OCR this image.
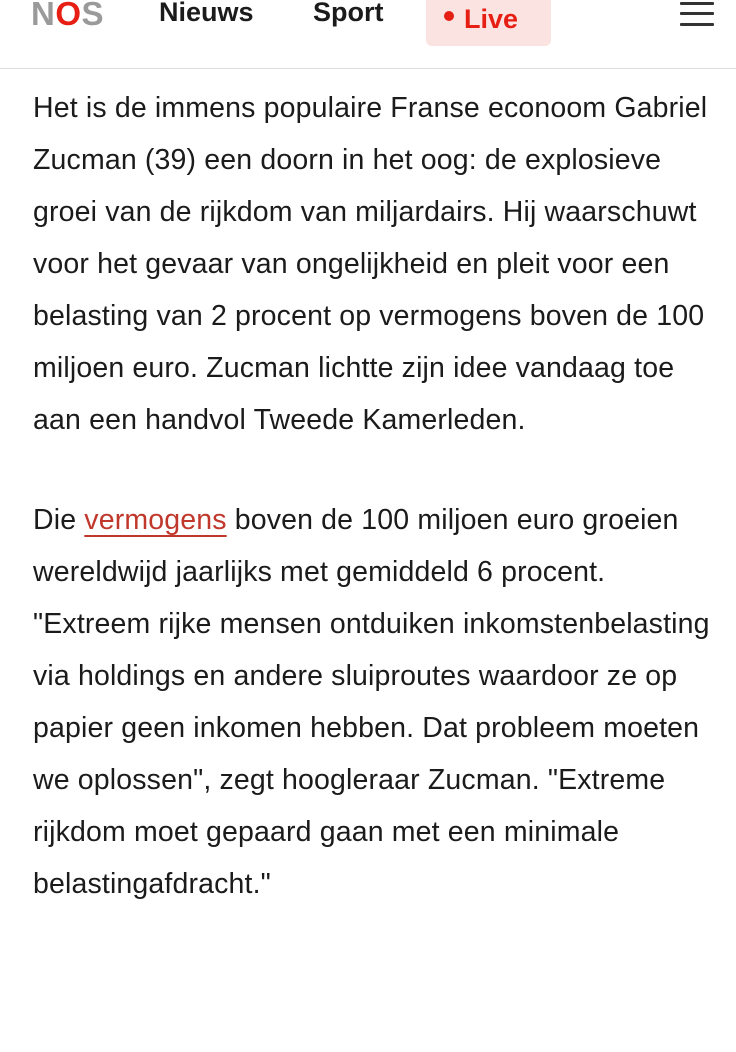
NOS Nieuws Sport	Live

Het is de immens populaire Franse econoom Gabriel Zucman (39) een doorn in het oog: de explosieve groei van de rijkdom van miljardairs. Hij waarschuwt voor het gevaar van ongelijkheid en pleit voor een belasting van 2 procent op vermogens boven de 100 miljoen euro. Zucman lichtte zijn idee vandaag toe aan een handvol Tweede Kamerleden.

Die vermogens boven de 100 miljoen euro groeien wereldwijd jaarlijks met gemiddeld 6 procent. "Extreem rijke mensen ontduiken inkomstenbelasting via holdings en andere sluiproutes waardoor ze op papier geen inkomen hebben. Dat probleem moeten we oplossen", zegt hoogleraar Zucman. "Extreme rijkdom moet gepaard gaan met een minimale belastingafdracht."
